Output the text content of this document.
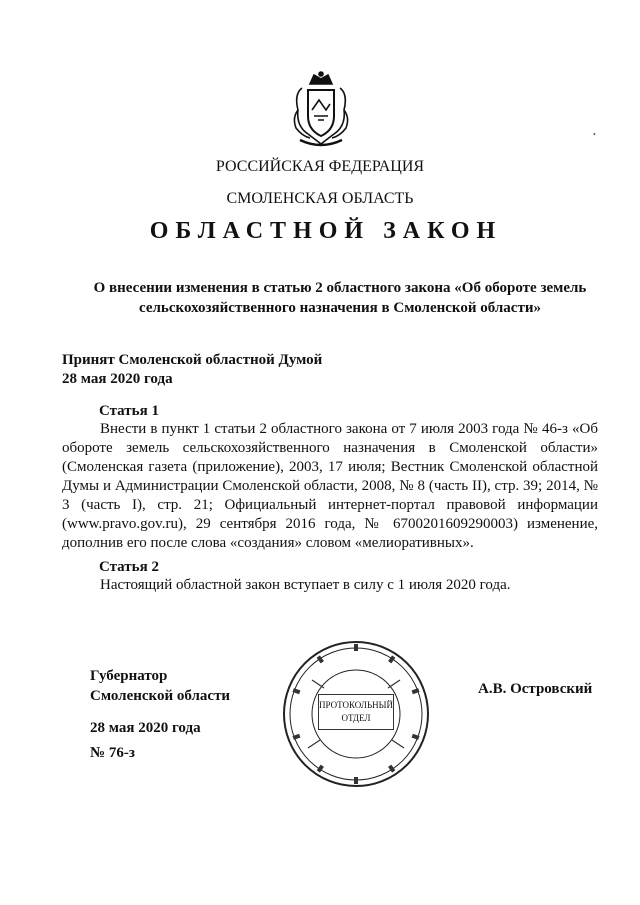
РОССИЙСКАЯ ФЕДЕРАЦИЯ
СМОЛЕНСКАЯ ОБЛАСТЬ
ОБЛАСТНОЙ ЗАКОН
О внесении изменения в статью 2 областного закона «Об обороте земель сельскохозяйственного назначения в Смоленской области»
Принят Смоленской областной Думой
28 мая 2020 года
Статья 1
Внести в пункт 1 статьи 2 областного закона от 7 июля 2003 года № 46-з «Об обороте земель сельскохозяйственного назначения в Смоленской области» (Смоленская газета (приложение), 2003, 17 июля; Вестник Смоленской областной Думы и Администрации Смоленской области, 2008, № 8 (часть II), стр. 39; 2014, № 3 (часть I), стр. 21; Официальный интернет-портал правовой информации (www.pravo.gov.ru), 29 сентября 2016 года, № 6700201609290003) изменение, дополнив его после слова «создания» словом «мелиоративных».
Статья 2
Настоящий областной закон вступает в силу с 1 июля 2020 года.
Губернатор
Смоленской области
28 мая 2020 года
№ 76-з
А.В. Островский
ПРОТОКОЛЬНЫЙ
ОТДЕЛ
•
